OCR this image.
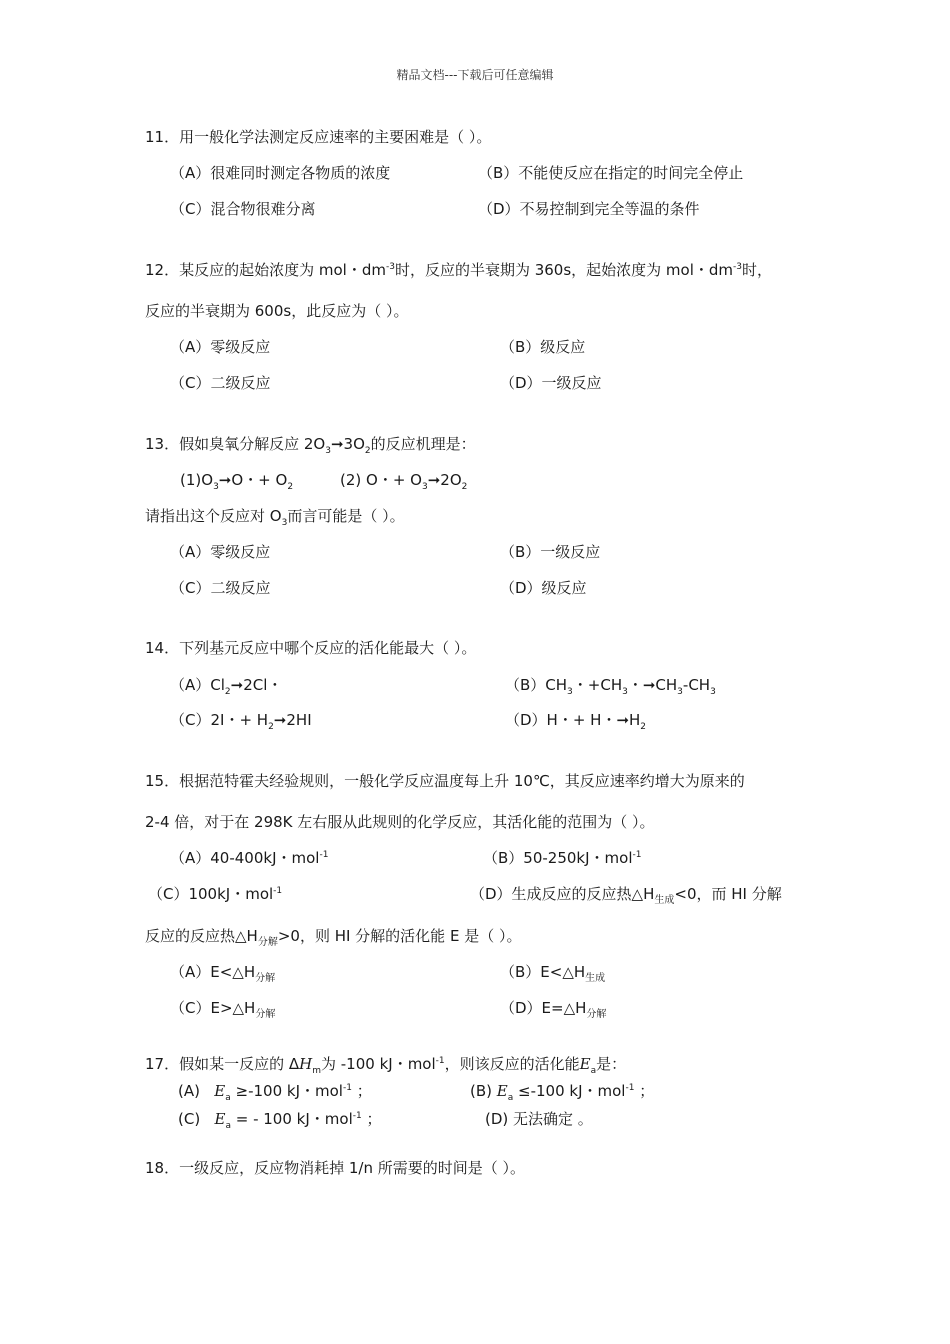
精品文档---下载后可任意编辑
11．用一般化学法测定反应速率的主要困难是（ ）。
（A）很难同时测定各物质的浓度	（B）不能使反应在指定的时间完全停止
（C）混合物很难分离	（D）不易控制到完全等温的条件
12．某反应的起始浓度为 mol・$dm^{-3}$时，反应的半衰期为 360s，起始浓度为 mol・$dm^{-3}$时，
反应的半衰期为 600s，此反应为（ ）。
（A）零级反应	（B）级反应
（C）二级反应	（D）一级反应
13．假如臭氧分解反应 $2O_3➞3O_2$的反应机理是：
$(1)O_3➞O$・+ $O_2$	(2) O・+ $O_3➞2O_2$
请指出这个反应对 $O_3$而言可能是（ ）。
（A）零级反应	（B）一级反应
（C）二级反应	（D）级反应
14．下列基元反应中哪个反应的活化能最大（ ）。
$(A)Cl_2➞2Cl$・	$(B)CH_3$・$+CH_3$・$➞CH_3-CH_3$
（C）2I・+ $H_2➞2HI$	（D）H・+ H・$➞H_2$
15．根据范特霍夫经验规则，一般化学反应温度每上升 10℃，其反应速率约增大为原来的
2-4 倍，对于在 298K 左右服从此规则的化学反应，其活化能的范围为（ ）。
（A）40-400kJ・mol$^{-1}$	（B）50-250kJ・mol$^{-1}$
（C）100kJ・mol$^{-1}$	（D）生成反应的反应热$\triangle H_{生成}<0$，而 HI 分解
反应的反应热$\triangle H_{分解}>0$，则 HI 分解的活化能 E 是（ ）。
$(A)E<\triangle H_{分解}$	$(B)E<\triangle H_{生成}$
$(C)E>\triangle H_{分解}$	$(D)E=\triangle H_{分解}$
17．假如某一反应的 $\Delta H_m$为 -100 kJ・mol$^{-1}$，则该反应的活化能$E_a$是：
(A) $E_a \ge-100$ kJ・mol$^{-1}$ ；	(B) $E_a \le-100$ kJ・mol$^{-1}$ ；
(C) $E_a$ = - 100 kJ・mol$^{-1}$ ；	(D) 无法确定 。
18．一级反应，反应物消耗掉 1/n 所需要的时间是（ ）。
